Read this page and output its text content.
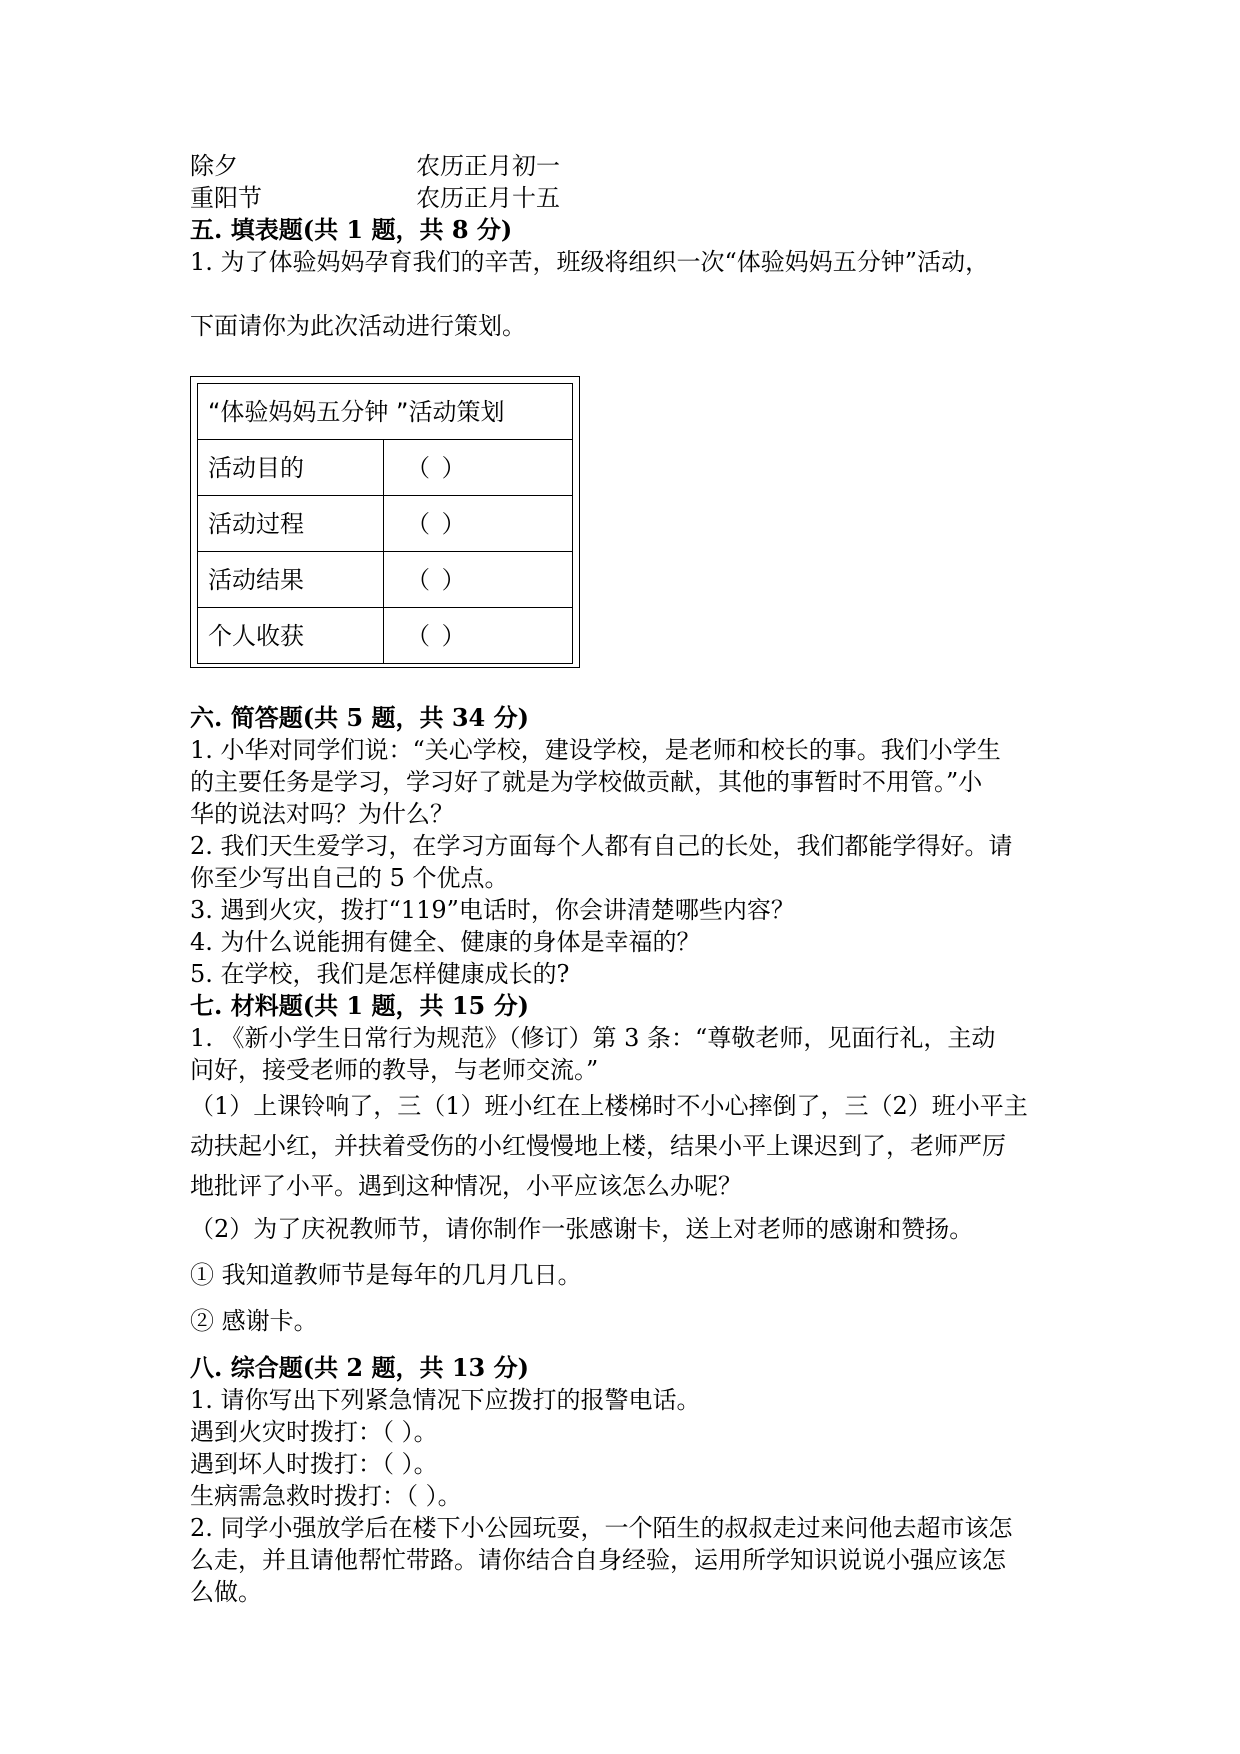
除夕	农历正月初一
重阳节	农历正月十五
五. 填表题(共 1 题，共 8 分)
1. 为了体验妈妈孕育我们的辛苦，班级将组织一次“体验妈妈五分钟”活动，
下面请你为此次活动进行策划。
“体验妈妈五分钟 ”活动策划	
活动目的	（ ）
活动过程	（ ）
活动结果	（ ）
个人收获	（ ）
六. 简答题(共 5 题，共 34 分)
1. 小华对同学们说：“关心学校，建设学校，是老师和校长的事。我们小学生
的主要任务是学习，学习好了就是为学校做贡献，其他的事暂时不用管。”小
华的说法对吗？为什么？
2. 我们天生爱学习，在学习方面每个人都有自己的长处，我们都能学得好。请
你至少写出自己的 5 个优点。
3. 遇到火灾，拨打“119”电话时，你会讲清楚哪些内容？
4. 为什么说能拥有健全、健康的身体是幸福的？
5. 在学校，我们是怎样健康成长的?
七. 材料题(共 1 题，共 15 分)
1. 《新小学生日常行为规范》（修订）第 3 条：“尊敬老师，见面行礼，主动
问好，接受老师的教导，与老师交流。”
（1）上课铃响了，三（1）班小红在上楼梯时不小心摔倒了，三（2）班小平主
动扶起小红，并扶着受伤的小红慢慢地上楼，结果小平上课迟到了，老师严厉
地批评了小平。遇到这种情况，小平应该怎么办呢？
（2）为了庆祝教师节，请你制作一张感谢卡，送上对老师的感谢和赞扬。
① 我知道教师节是每年的几月几日。
② 感谢卡。
八. 综合题(共 2 题，共 13 分)
1. 请你写出下列紧急情况下应拨打的报警电话。
遇到火灾时拨打：（ ）。
遇到坏人时拨打：（ ）。
生病需急救时拨打：（ ）。
2. 同学小强放学后在楼下小公园玩耍，一个陌生的叔叔走过来问他去超市该怎
么走，并且请他帮忙带路。请你结合自身经验，运用所学知识说说小强应该怎
么做。
